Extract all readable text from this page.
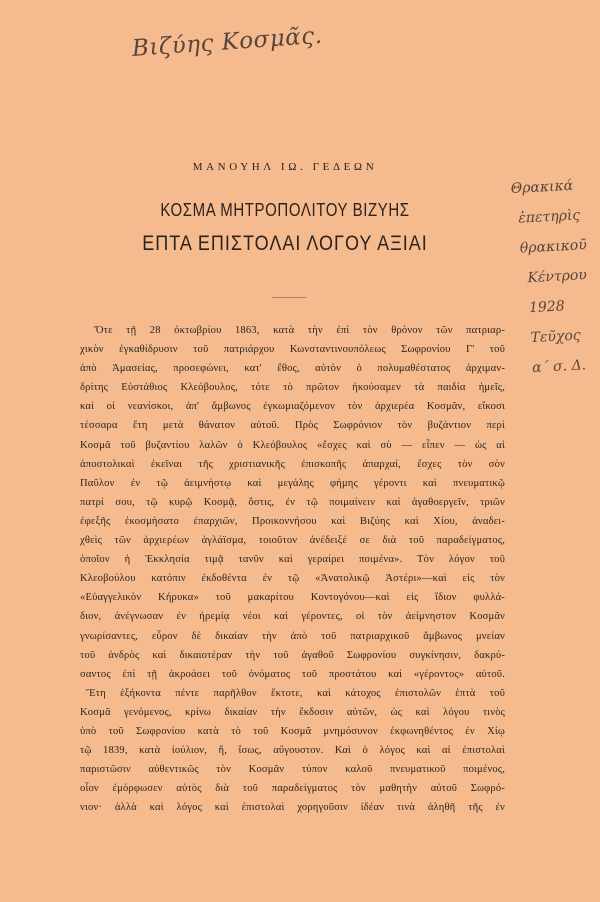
Βιζύης Κοσμᾶς.
Θρακικά
ἐπετηρὶς
θρακικοῦ
Κέντρου
1928
Τεῦχος
α΄ σ. Δ.
ΜΑΝΟΥΗΛ ΙΩ. ΓΕΔΕΩΝ
ΚΟΣΜΑ ΜΗΤΡΟΠΟΛΙΤΟΥ ΒΙΖΥΗΣ
ΕΠΤΑ ΕΠΙΣΤΟΛΑΙ ΛΟΓΟΥ ΑΞΙΑΙ
Ὅτε τῇ 28 ὀκτωβρίου 1863, κατὰ τὴν ἐπὶ τὸν θρόνον τῶν πατριαρ-
χικὸν ἐγκαθίδρυσιν τοῦ πατριάρχου Κωνσταντινουπόλεως Σωφρονίου Γ' τοῦ
ἀπὸ Ἀμασείας, προσεφώνει, κατ' ἔθος, αὐτὸν ὁ πολυμαθέστατος ἀρχιμαν-
δρίτης Εὐστάθιος Κλεόβουλος, τότε τὸ πρῶτον ἠκούσαμεν τὰ παιδία ἡμεῖς,
καὶ οἱ νεανίσκοι, ἀπ' ἄμβωνος ἐγκωμιαζόμενον τὸν ἀρχιερέα Κοσμᾶν, εἴκοσι
τέσσαρα ἔτη μετὰ θάνατον αὐτοῦ. Πρὸς Σωφρόνιον τὸν βυζάντιον περὶ
Κοσμᾶ τοῦ βυζαντίου λαλῶν ὁ Κλεόβουλος «ἔσχες καὶ σὺ — εἶπεν — ὡς αἱ
ἀποστολικαὶ ἐκεῖναι τῆς χριστιανικῆς ἐπισκοπῆς ἀπαρχαί, ἔσχες τὸν σὸν
Παῦλον ἐν τῷ ἀειμνήστῳ καὶ μεγάλης φήμης γέροντι καὶ πνευματικῷ
πατρί σου, τῷ κυρῷ Κοσμᾷ, ὅστις, ἐν τῷ ποιμαίνειν καὶ ἀγαθοεργεῖν, τριῶν
ἐφεξῆς ἐκοσμήσατο ἐπαρχιῶν, Προικοννήσου καὶ Βιζύης καὶ Χίου, ἀναδει-
χθεὶς τῶν ἀρχιερέων ἀγλάϊσμα, τοιοῦτον ἀνέδειξέ σε διὰ τοῦ παραδείγματος,
ὁποῖον ἡ Ἐκκλησία τιμᾷ τανῦν καὶ γεραίρει ποιμένα». Τὸν λόγον τοῦ
Κλεοβούλου κατόπιν ἐκδοθέντα ἐν τῷ «Ἀνατολικῷ Ἀστέρι»—καὶ εἰς τὸν
«Εὐαγγελικὸν Κήρυκα» τοῦ μακαρίτου Κοντογόνου—καὶ εἰς ἴδιον φυλλά-
διον, ἀνέγνωσαν ἐν ἠρεμίᾳ νέοι καὶ γέροντες, οἱ τὸν ἀείμνηστον Κοσμᾶν
γνωρίσαντες, εὗρον δὲ δικαίαν τὴν ἀπὸ τοῦ πατριαρχικοῦ ἄμβωνος μνείαν
τοῦ ἀνδρὸς καὶ δικαιοτέραν τὴν τοῦ ἀγαθοῦ Σωφρονίου συγκίνησιν, δακρύ-
σαντος ἐπὶ τῇ ἀκροάσει τοῦ ὀνόματος τοῦ προστάτου καὶ «γέροντος» αὐτοῦ.
Ἔτη ἑξήκοντα πέντε παρῆλθον ἔκτοτε, καὶ κάτοχος ἐπιστολῶν ἑπτὰ τοῦ
Κοσμᾶ γενόμενος, κρίνω δικαίαν τὴν ἔκδοσιν αὐτῶν, ὡς καὶ λόγου τινὸς
ὑπὸ τοῦ Σωφρονίου κατὰ τὸ τοῦ Κοσμᾶ μνημόσυνον ἐκφωνηθέντος ἐν Χίῳ
τῷ 1839, κατὰ ἰούλιον, ἤ, ἴσως, αὔγουστον. Καὶ ὁ λόγος καὶ αἱ ἐπιστολαὶ
παριστῶσιν αὐθεντικῶς τὸν Κοσμᾶν τύπον καλοῦ πνευματικοῦ ποιμένος,
οἷον ἐμόρφωσεν αὐτὸς διὰ τοῦ παραδείγματος τὸν μαθητὴν αὐτοῦ Σωφρό-
νιον· ἀλλὰ καὶ λόγος καὶ ἐπιστολαὶ χορηγοῦσιν ἰδέαν τινὰ ἀληθῆ τῆς ἐν
